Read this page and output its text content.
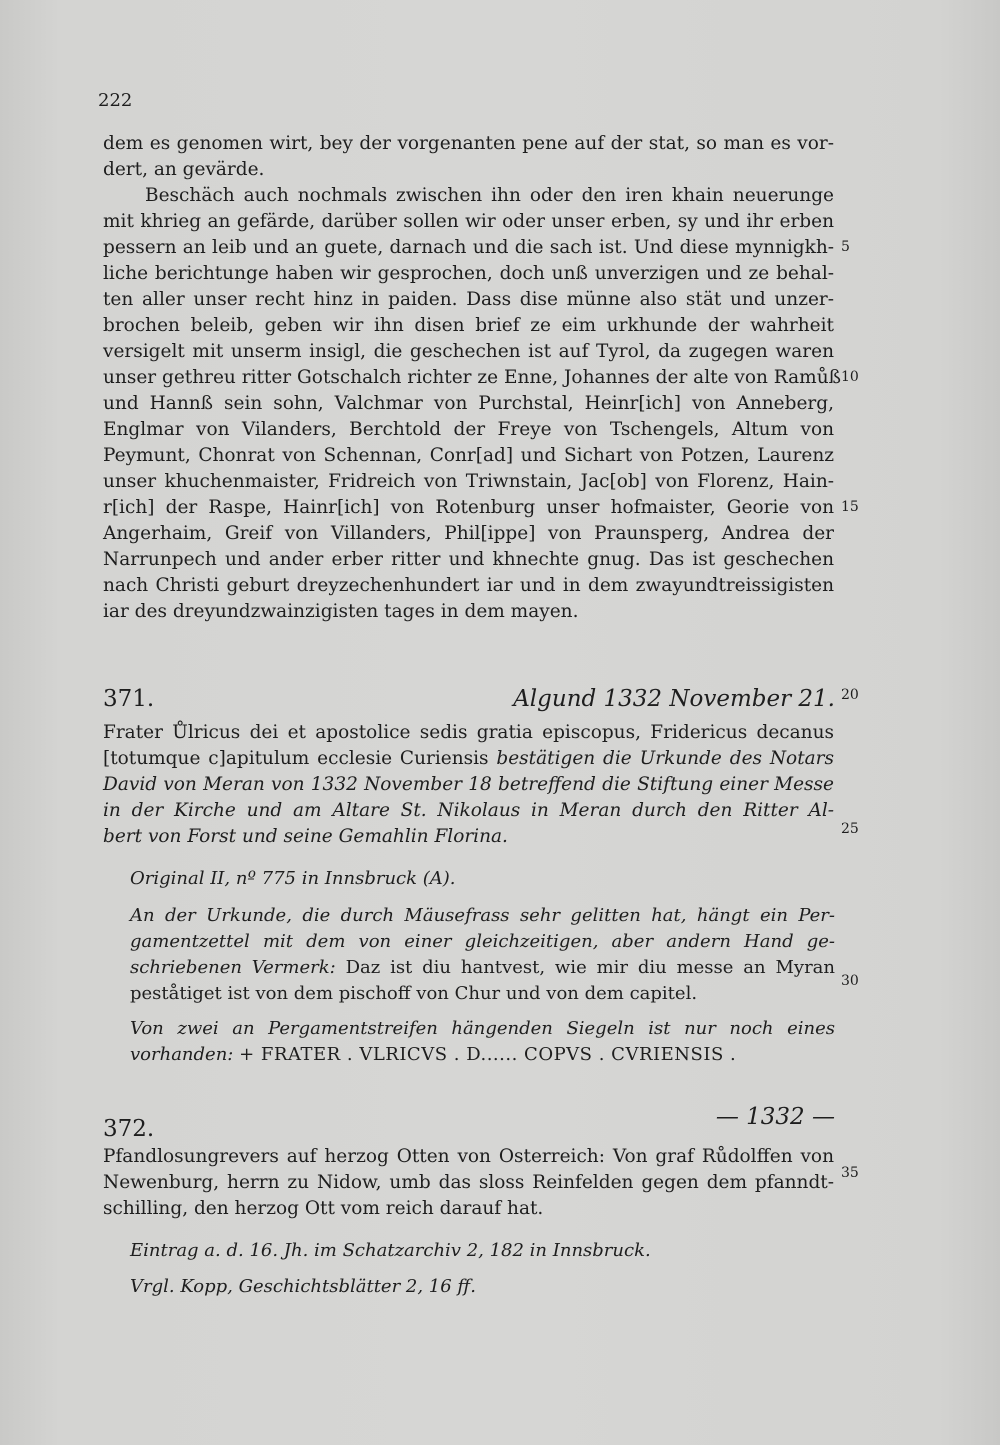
222
dem es genomen wirt, bey der vorgenanten pene auf der stat, so man es vor-
dert, an gevärde.
Beschäch auch nochmals zwischen ihn oder den iren khain neuerunge
mit khrieg an gefärde, darüber sollen wir oder unser erben, sy und ihr erben
pessern an leib und an guete, darnach und die sach ist. Und diese mynnigkh-
liche berichtunge haben wir gesprochen, doch unß unverzigen und ze behal-
ten aller unser recht hinz in paiden. Dass dise münne also stät und unzer-
brochen beleib, geben wir ihn disen brief ze eim urkhunde der wahrheit
versigelt mit unserm insigl, die geschechen ist auf Tyrol, da zugegen waren
unser gethreu ritter Gotschalch richter ze Enne, Johannes der alte von Ramůß
und Hannß sein sohn, Valchmar von Purchstal, Heinr[ich] von Anneberg,
Englmar von Vilanders, Berchtold der Freye von Tschengels, Altum von
Peymunt, Chonrat von Schennan, Conr[ad] und Sichart von Potzen, Laurenz
unser khuchenmaister, Fridreich von Triwnstain, Jac[ob] von Florenz, Hain-
r[ich] der Raspe, Hainr[ich] von Rotenburg unser hofmaister, Georie von
Angerhaim, Greif von Villanders, Phil[ippe] von Praunsperg, Andrea der
Narrunpech und ander erber ritter und khnechte gnug. Das ist geschechen
nach Christi geburt dreyzechenhundert iar und in dem zwayundtreissigisten
iar des dreyundzwainzigisten tages in dem mayen.
5
10
15
20
25
30
35
371.	Algund 1332 November 21.
Frater Ůlricus dei et apostolice sedis gratia episcopus, Fridericus decanus
[totumque c]apitulum ecclesie Curiensis bestätigen die Urkunde des Notars
David von Meran von 1332 November 18 betreffend die Stiftung einer Messe
in der Kirche und am Altare St. Nikolaus in Meran durch den Ritter Al-
bert von Forst und seine Gemahlin Florina.
Original II, nº 775 in Innsbruck (A).
An der Urkunde, die durch Mäusefrass sehr gelitten hat, hängt ein Per-
gamentzettel mit dem von einer gleichzeitigen, aber andern Hand ge-
schriebenen Vermerk: Daz ist diu hantvest, wie mir diu messe an Myran
peståtiget ist von dem pischoff von Chur und von dem capitel.
Von zwei an Pergamentstreifen hängenden Siegeln ist nur noch eines
vorhanden: + FRATER . VLRICVS . D...... COPVS . CVRIENSIS .
372.	— 1332 —
Pfandlosungrevers auf herzog Otten von Osterreich: Von graf Růdolffen von
Newenburg, herrn zu Nidow, umb das sloss Reinfelden gegen dem pfanndt-
schilling, den herzog Ott vom reich darauf hat.
Eintrag a. d. 16. Jh. im Schatzarchiv 2, 182 in Innsbruck.
Vrgl. Kopp, Geschichtsblätter 2, 16 ff.
